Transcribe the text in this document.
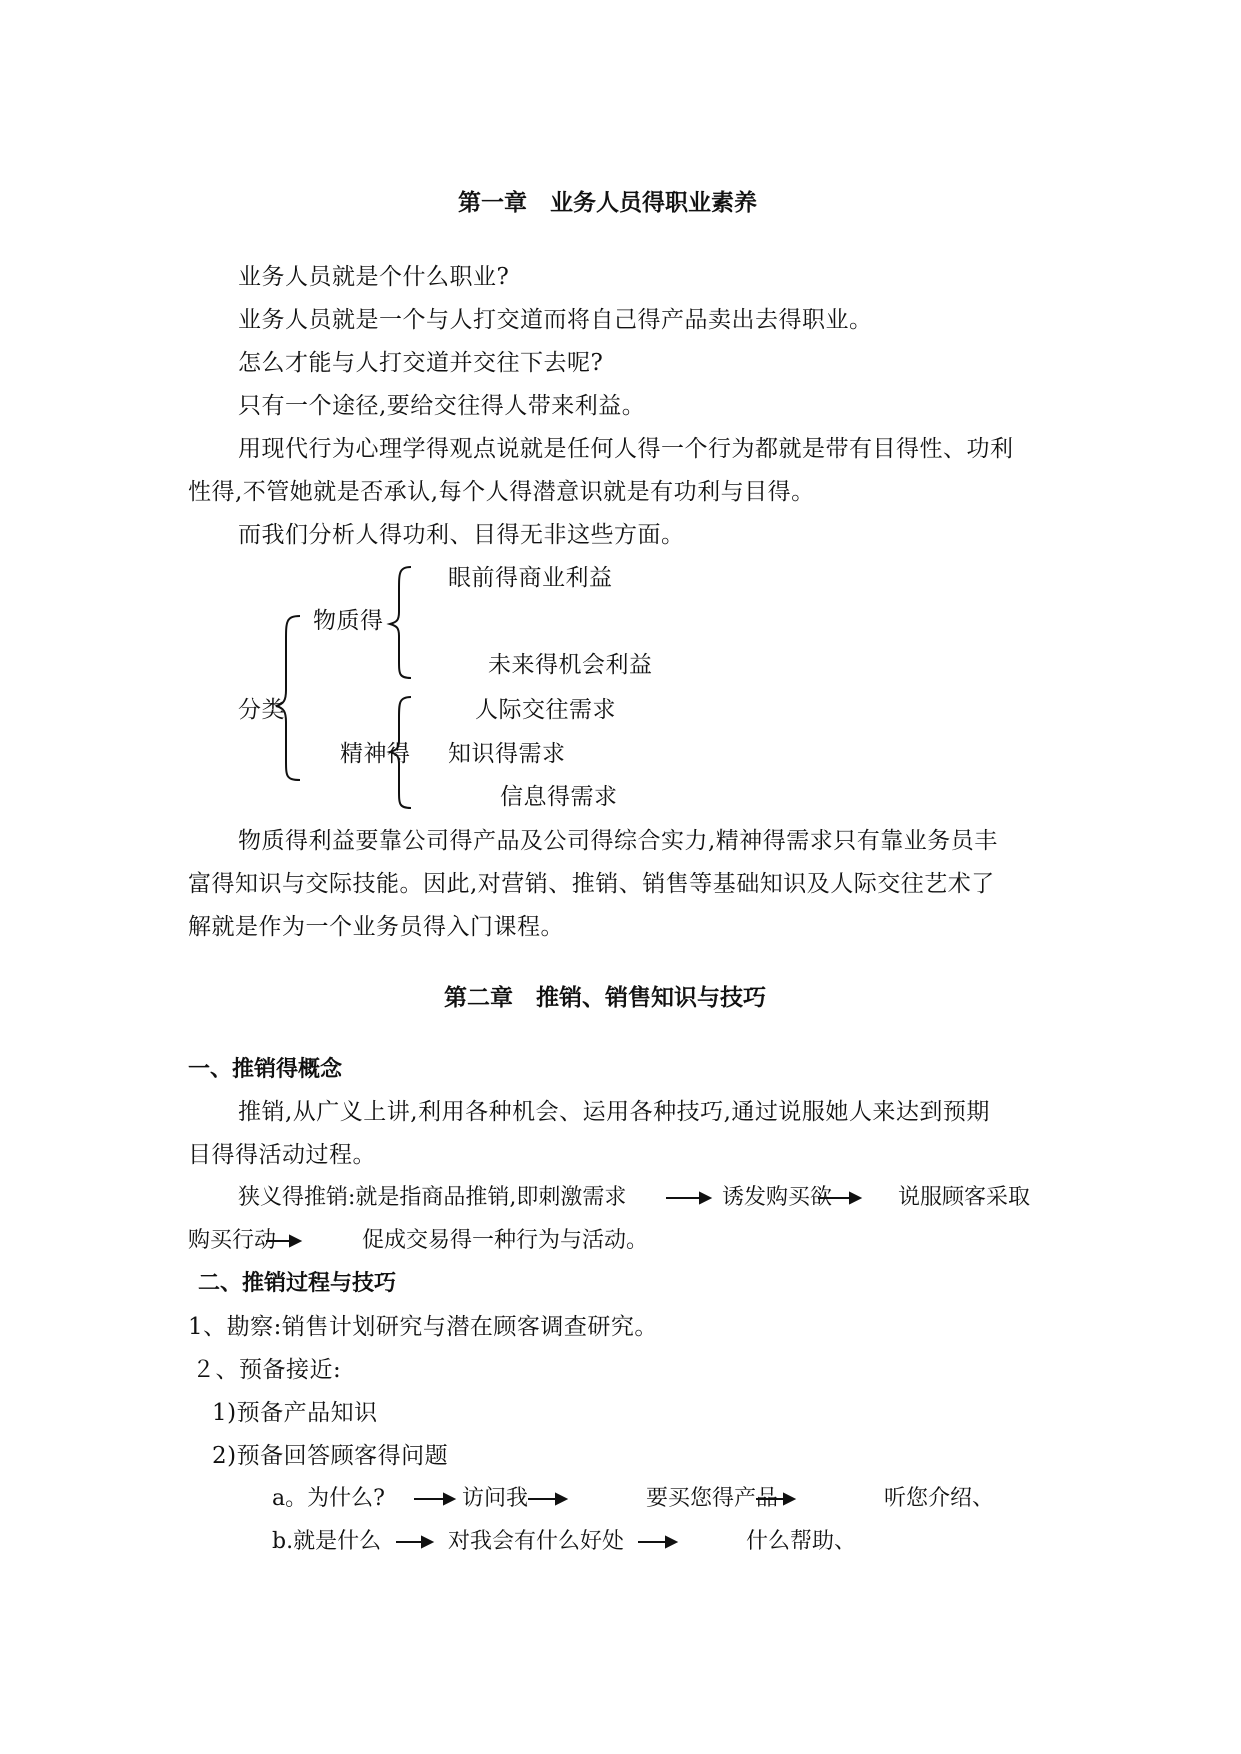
第一章　业务人员得职业素养
业务人员就是个什么职业?
业务人员就是一个与人打交道而将自己得产品卖出去得职业。
怎么才能与人打交道并交往下去呢?
只有一个途径,要给交往得人带来利益。
用现代行为心理学得观点说就是任何人得一个行为都就是带有目得性、功利
性得,不管她就是否承认,每个人得潜意识就是有功利与目得。
而我们分析人得功利、目得无非这些方面。
分类
物质得
眼前得商业利益
未来得机会利益
精神得
人际交往需求
知识得需求
信息得需求
物质得利益要靠公司得产品及公司得综合实力,精神得需求只有靠业务员丰
富得知识与交际技能。因此,对营销、推销、销售等基础知识及人际交往艺术了
解就是作为一个业务员得入门课程。
第二章　推销、销售知识与技巧
一、推销得概念
推销,从广义上讲,利用各种机会、运用各种技巧,通过说服她人来达到预期
目得得活动过程。
狭义得推销:就是指商品推销,即刺激需求	诱发购买欲	说服顾客采取
购买行动	促成交易得一种行为与活动。
二、推销过程与技巧
1、勘察:销售计划研究与潜在顾客调查研究。
２、预备接近:
1)预备产品知识
2)预备回答顾客得问题
a。为什么?	访问我	要买您得产品	听您介绍、
b.就是什么	对我会有什么好处	什么帮助、
